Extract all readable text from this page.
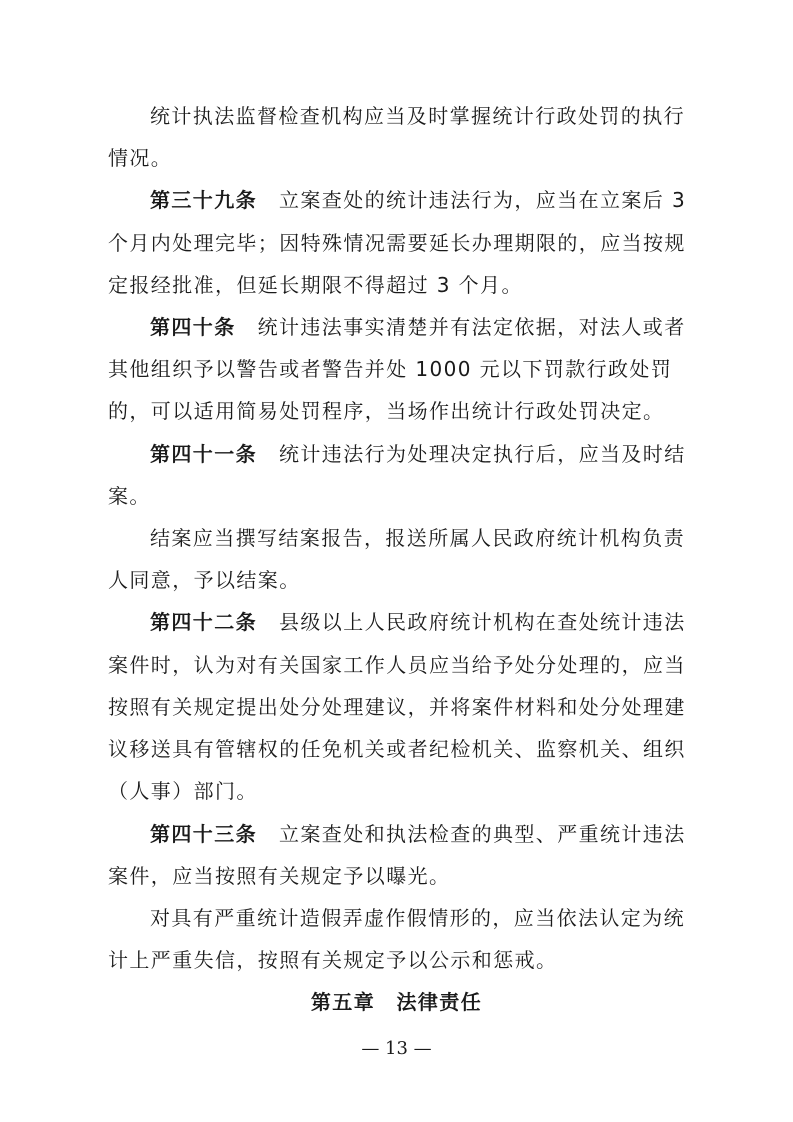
统计执法监督检查机构应当及时掌握统计行政处罚的执行
情况。
第三十九条 立案查处的统计违法行为，应当在立案后 3
个月内处理完毕；因特殊情况需要延长办理期限的，应当按规
定报经批准，但延长期限不得超过 3 个月。
第四十条 统计违法事实清楚并有法定依据，对法人或者
其他组织予以警告或者警告并处 1000 元以下罚款行政处罚
的，可以适用简易处罚程序，当场作出统计行政处罚决定。
第四十一条 统计违法行为处理决定执行后，应当及时结
案。
结案应当撰写结案报告，报送所属人民政府统计机构负责
人同意，予以结案。
第四十二条 县级以上人民政府统计机构在查处统计违法
案件时，认为对有关国家工作人员应当给予处分处理的，应当
按照有关规定提出处分处理建议，并将案件材料和处分处理建
议移送具有管辖权的任免机关或者纪检机关、监察机关、组织
（人事）部门。
第四十三条 立案查处和执法检查的典型、严重统计违法
案件，应当按照有关规定予以曝光。
对具有严重统计造假弄虚作假情形的，应当依法认定为统
计上严重失信，按照有关规定予以公示和惩戒。
第五章　法律责任
— 13 —
